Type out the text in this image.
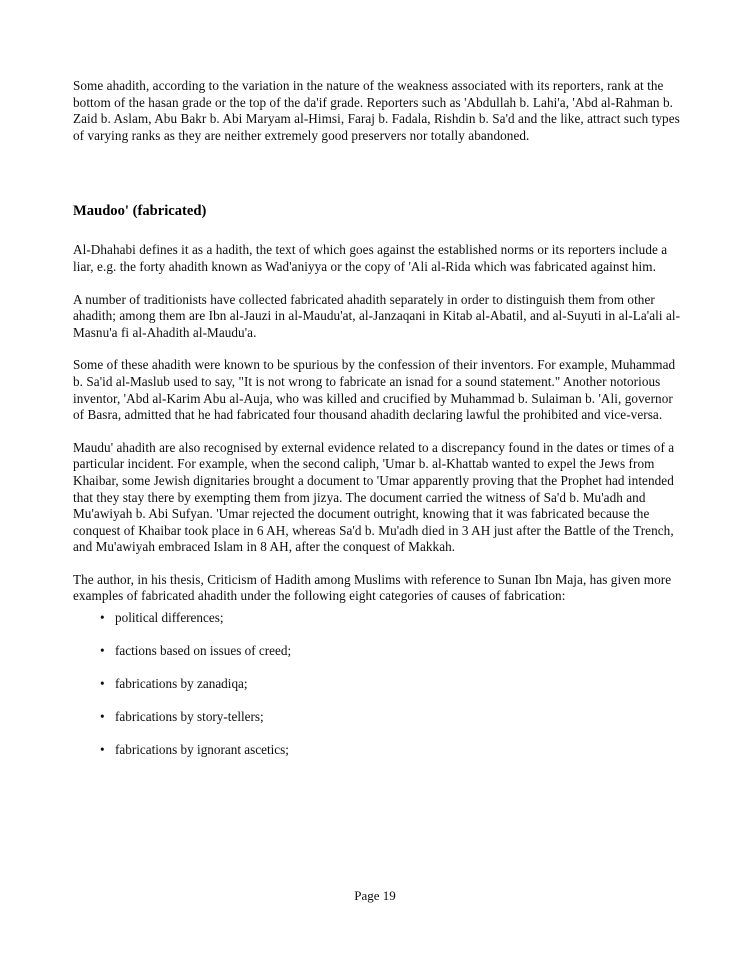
Some ahadith, according to the variation in the nature of the weakness associated with its reporters, rank at the bottom of the hasan grade or the top of the da'if grade. Reporters such as 'Abdullah b. Lahi'a, 'Abd al-Rahman b. Zaid b. Aslam, Abu Bakr b. Abi Maryam al-Himsi, Faraj b. Fadala, Rishdin b. Sa'd and the like, attract such types of varying ranks as they are neither extremely good preservers nor totally abandoned.

Maudoo' (fabricated)

Al-Dhahabi defines it as a hadith, the text of which goes against the established norms or its reporters include a liar, e.g. the forty ahadith known as Wad'aniyya or the copy of 'Ali al-Rida which was fabricated against him.

A number of traditionists have collected fabricated ahadith separately in order to distinguish them from other ahadith; among them are Ibn al-Jauzi in al-Maudu'at, al-Janzaqani in Kitab al-Abatil, and al-Suyuti in al-La'ali al-Masnu'a fi al-Ahadith al-Maudu'a.

Some of these ahadith were known to be spurious by the confession of their inventors. For example, Muhammad b. Sa'id al-Maslub used to say, "It is not wrong to fabricate an isnad for a sound statement." Another notorious inventor, 'Abd al-Karim Abu al-Auja, who was killed and crucified by Muhammad b. Sulaiman b. 'Ali, governor of Basra, admitted that he had fabricated four thousand ahadith declaring lawful the prohibited and vice-versa.

Maudu' ahadith are also recognised by external evidence related to a discrepancy found in the dates or times of a particular incident. For example, when the second caliph, 'Umar b. al-Khattab wanted to expel the Jews from Khaibar, some Jewish dignitaries brought a document to 'Umar apparently proving that the Prophet had intended that they stay there by exempting them from jizya. The document carried the witness of Sa'd b. Mu'adh and Mu'awiyah b. Abi Sufyan. 'Umar rejected the document outright, knowing that it was fabricated because the conquest of Khaibar took place in 6 AH, whereas Sa'd b. Mu'adh died in 3 AH just after the Battle of the Trench, and Mu'awiyah embraced Islam in 8 AH, after the conquest of Makkah.

The author, in his thesis, Criticism of Hadith among Muslims with reference to Sunan Ibn Maja, has given more examples of fabricated ahadith under the following eight categories of causes of fabrication:

• political differences;
• factions based on issues of creed;
• fabrications by zanadiqa;
• fabrications by story-tellers;
• fabrications by ignorant ascetics;
Page 19
